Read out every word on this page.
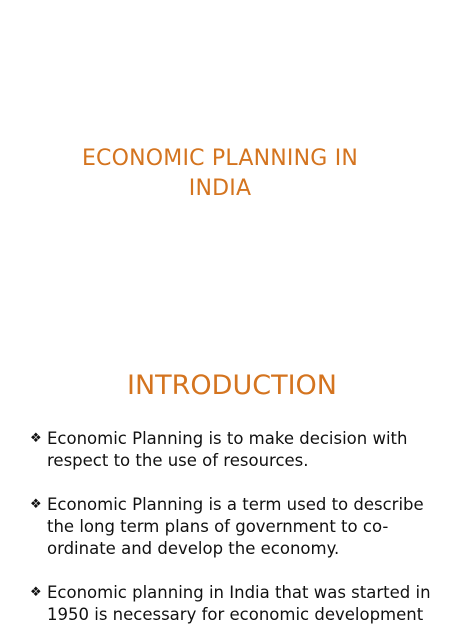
ECONOMIC PLANNING IN
INDIA
INTRODUCTION
❖ Economic Planning is to make decision with
respect to the use of resources.
❖ Economic Planning is a term used to describe
the long term plans of government to co-
ordinate and develop the economy.
❖ Economic planning in India that was started in
1950 is necessary for economic development
